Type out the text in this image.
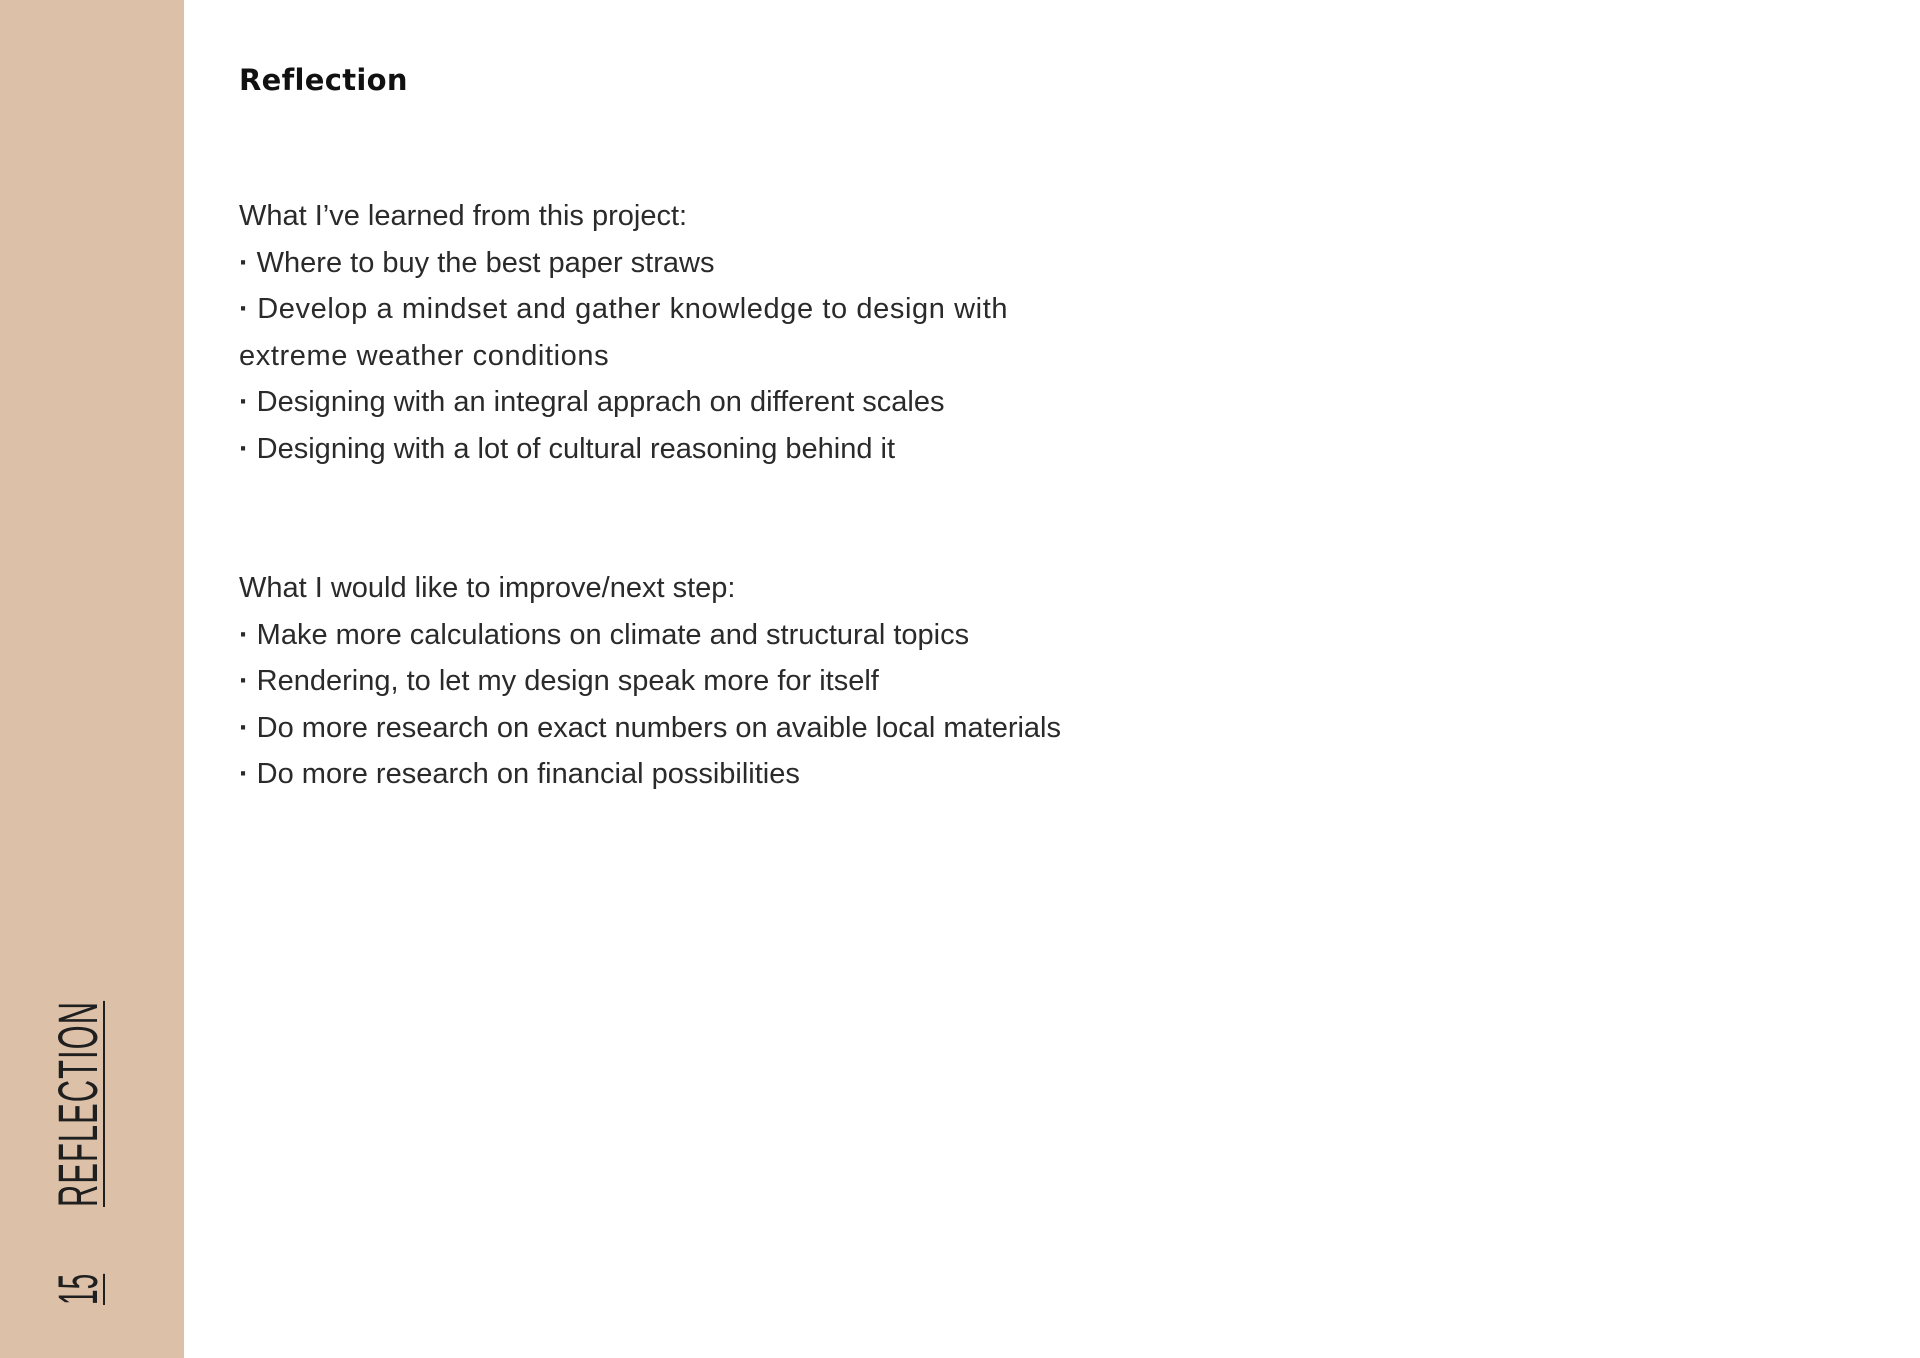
15
REFLECTION
Reflection
What I’ve learned from this project:
· Where to buy the best paper straws
· Develop a mindset and gather knowledge to design with extreme weather conditions
· Designing with an integral apprach on different scales
· Designing with a lot of cultural reasoning behind it
What I would like to improve/next step:
· Make more calculations on climate and structural topics
· Rendering, to let my design speak more for itself
· Do more research on exact numbers on avaible local materials
· Do more research on financial possibilities
